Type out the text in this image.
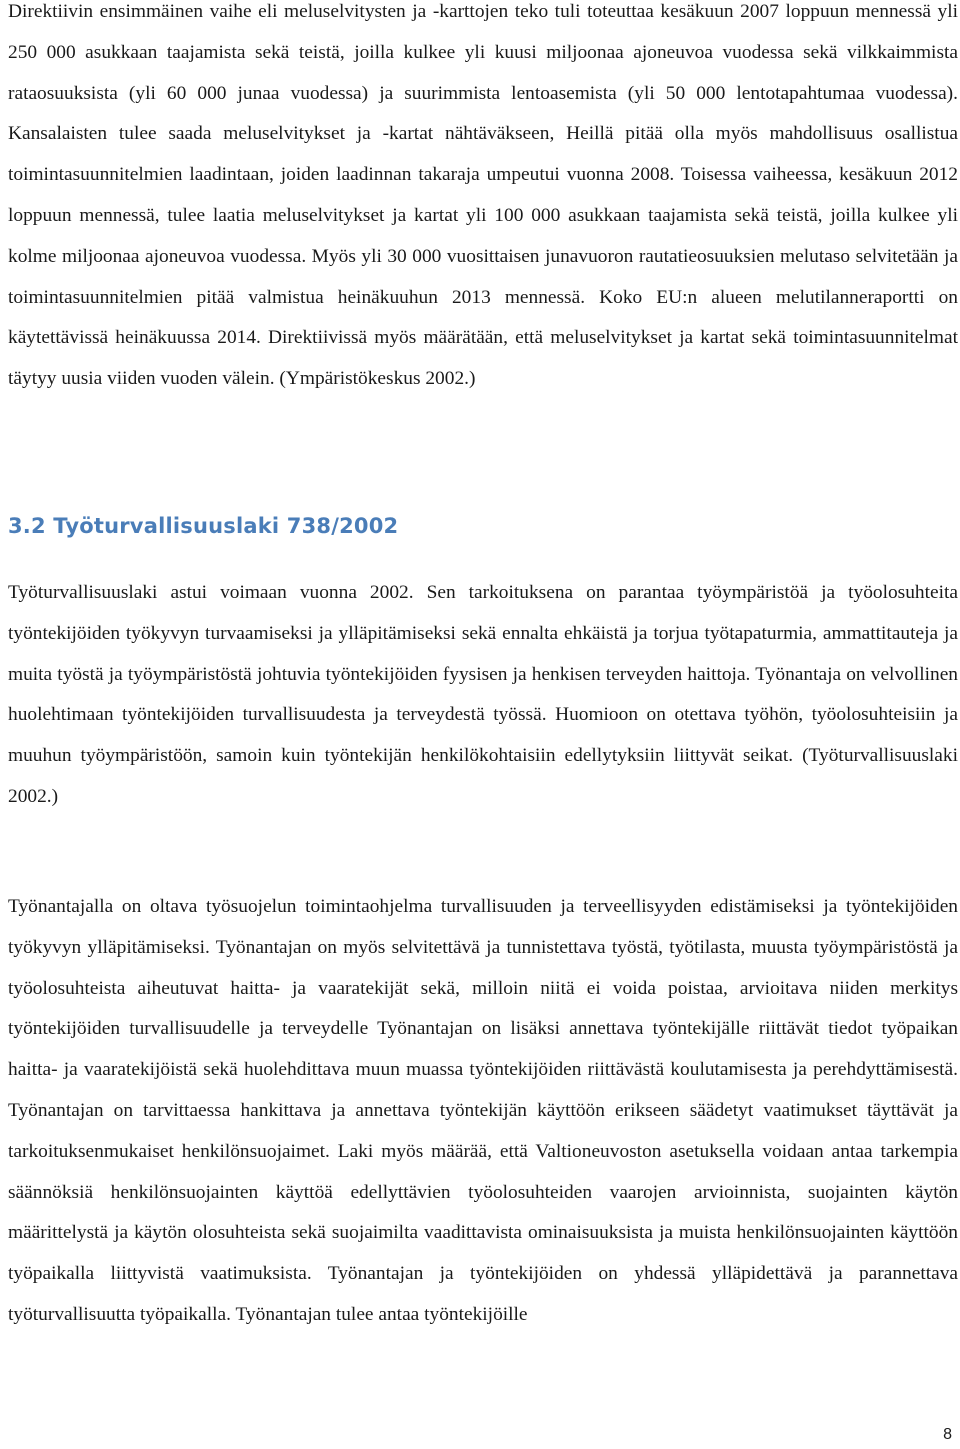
Direktiivin ensimmäinen vaihe eli meluselvitysten ja -karttojen teko tuli toteuttaa kesäkuun 2007 loppuun mennessä yli 250 000 asukkaan taajamista sekä teistä, joilla kulkee yli kuusi miljoonaa ajoneuvoa vuodessa sekä vilkkaimmista rataosuuksista (yli 60 000 junaa vuodessa) ja suurimmista lentoasemista (yli 50 000 lentotapahtumaa vuodessa). Kansalaisten tulee saada meluselvitykset ja -kartat nähtäväkseen, Heillä pitää olla myös mahdollisuus osallistua toimintasuunnitelmien laadintaan, joiden laadinnan takaraja umpeutui vuonna 2008. Toisessa vaiheessa, kesäkuun 2012 loppuun mennessä, tulee laatia meluselvitykset ja kartat yli 100 000 asukkaan taajamista sekä teistä, joilla kulkee yli kolme miljoonaa ajoneuvoa vuodessa. Myös yli 30 000 vuosittaisen junavuoron rautatieosuuksien melutaso selvitetään ja toimintasuunnitelmien pitää valmistua heinäkuuhun 2013 mennessä. Koko EU:n alueen melutilanneraportti on käytettävissä heinäkuussa 2014. Direktiivissä myös määrätään, että meluselvitykset ja kartat sekä toimintasuunnitelmat täytyy uusia viiden vuoden välein. (Ympäristökeskus 2002.)

3.2 Työturvallisuuslaki 738/2002

Työturvallisuuslaki astui voimaan vuonna 2002. Sen tarkoituksena on parantaa työympäristöä ja työolosuhteita työntekijöiden työkyvyn turvaamiseksi ja ylläpitämiseksi sekä ennalta ehkäistä ja torjua työtapaturmia, ammattitauteja ja muita työstä ja työympäristöstä johtuvia työntekijöiden fyysisen ja henkisen terveyden haittoja. Työnantaja on velvollinen huolehtimaan työntekijöiden turvallisuudesta ja terveydestä työssä. Huomioon on otettava työhön, työolosuhteisiin ja muuhun työympäristöön, samoin kuin työntekijän henkilökohtaisiin edellytyksiin liittyvät seikat. (Työturvallisuuslaki 2002.)

Työnantajalla on oltava työsuojelun toimintaohjelma turvallisuuden ja terveellisyyden edistämiseksi ja työntekijöiden työkyvyn ylläpitämiseksi. Työnantajan on myös selvitettävä ja tunnistettava työstä, työtilasta, muusta työympäristöstä ja työolosuhteista aiheutuvat haitta- ja vaaratekijät sekä, milloin niitä ei voida poistaa, arvioitava niiden merkitys työntekijöiden turvallisuudelle ja terveydelle Työnantajan on lisäksi annettava työntekijälle riittävät tiedot työpaikan haitta- ja vaaratekijöistä sekä huolehdittava muun muassa työntekijöiden riittävästä koulutamisesta ja perehdyttämisestä. Työnantajan on tarvittaessa hankittava ja annettava työntekijän käyttöön erikseen säädetyt vaatimukset täyttävät ja tarkoituksenmukaiset henkilönsuojaimet. Laki myös määrää, että Valtioneuvoston asetuksella voidaan antaa tarkempia säännöksiä henkilönsuojainten käyttöä edellyttävien työolosuhteiden vaarojen arvioinnista, suojainten käytön määrittelystä ja käytön olosuhteista sekä suojaimilta vaadittavista ominaisuuksista ja muista henkilönsuojainten käyttöön työpaikalla liittyvistä vaatimuksista. Työnantajan ja työntekijöiden on yhdessä ylläpidettävä ja parannettava työturvallisuutta työpaikalla. Työnantajan tulee antaa työntekijöille

8
